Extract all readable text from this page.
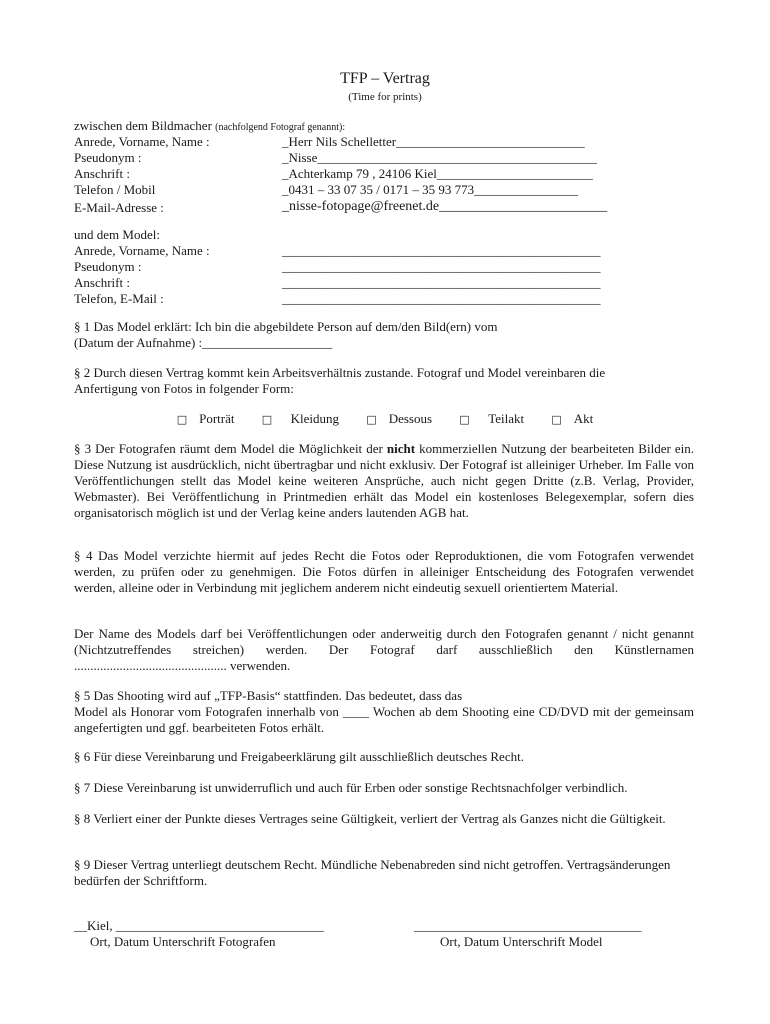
TFP – Vertrag
(Time for prints)
zwischen dem Bildmacher (nachfolgend Fotograf genannt):
Anrede, Vorname, Name :	_Herr Nils Schelletter_____________________________
Pseudonym :	_Nisse___________________________________________
Anschrift :	_Achterkamp 79 , 24106 Kiel________________________
Telefon / Mobil	_0431 – 33 07 35 / 0171 – 35 93 773________________
E-Mail-Adresse :	_nisse-fotopage@freenet.de________________________
und dem Model:
Anrede, Vorname, Name :	_________________________________________________
Pseudonym :	_________________________________________________
Anschrift :	_________________________________________________
Telefon, E-Mail :	_________________________________________________
§ 1 Das Model erklärt: Ich bin die abgebildete Person auf dem/den Bild(ern) vom (Datum der Aufnahme) :____________________
§ 2 Durch diesen Vertrag kommt kein Arbeitsverhältnis zustande. Fotograf und Model vereinbaren die Anfertigung von Fotos in folgender Form:
□ Porträt □ Kleidung □ Dessous □ Teilakt □ Akt
§ 3 Der Fotografen räumt dem Model die Möglichkeit der nicht kommerziellen Nutzung der bearbeiteten Bilder ein. Diese Nutzung ist ausdrücklich, nicht übertragbar und nicht exklusiv. Der Fotograf ist alleiniger Urheber. Im Falle von Veröffentlichungen stellt das Model keine weiteren Ansprüche, auch nicht gegen Dritte (z.B. Verlag, Provider, Webmaster). Bei Veröffentlichung in Printmedien erhält das Model ein kostenloses Belegexemplar, sofern dies organisatorisch möglich ist und der Verlag keine anders lautenden AGB hat.
§ 4 Das Model verzichte hiermit auf jedes Recht die Fotos oder Reproduktionen, die vom Fotografen verwendet werden, zu prüfen oder zu genehmigen. Die Fotos dürfen in alleiniger Entscheidung des Fotografen verwendet werden, alleine oder in Verbindung mit jeglichem anderem nicht eindeutig sexuell orientiertem Material.
Der Name des Models darf bei Veröffentlichungen oder anderweitig durch den Fotografen genannt / nicht genannt (Nichtzutreffendes streichen) werden. Der Fotograf darf ausschließlich den Künstlernamen ............................................... verwenden.
§ 5 Das Shooting wird auf „TFP-Basis“ stattfinden. Das bedeutet, dass das
Model als Honorar vom Fotografen innerhalb von ____ Wochen ab dem Shooting eine CD/DVD mit der gemeinsam angefertigten und ggf. bearbeiteten Fotos erhält.
§ 6 Für diese Vereinbarung und Freigabeerklärung gilt ausschließlich deutsches Recht.
§ 7 Diese Vereinbarung ist unwiderruflich und auch für Erben oder sonstige Rechtsnachfolger verbindlich.
§ 8 Verliert einer der Punkte dieses Vertrages seine Gültigkeit, verliert der Vertrag als Ganzes nicht die Gültigkeit.
§ 9 Dieser Vertrag unterliegt deutschem Recht. Mündliche Nebenabreden sind nicht getroffen. Vertragsänderungen bedürfen der Schriftform.
__Kiel, ________________________________
Ort, Datum Unterschrift Fotografen
___________________________________
Ort, Datum Unterschrift Model
